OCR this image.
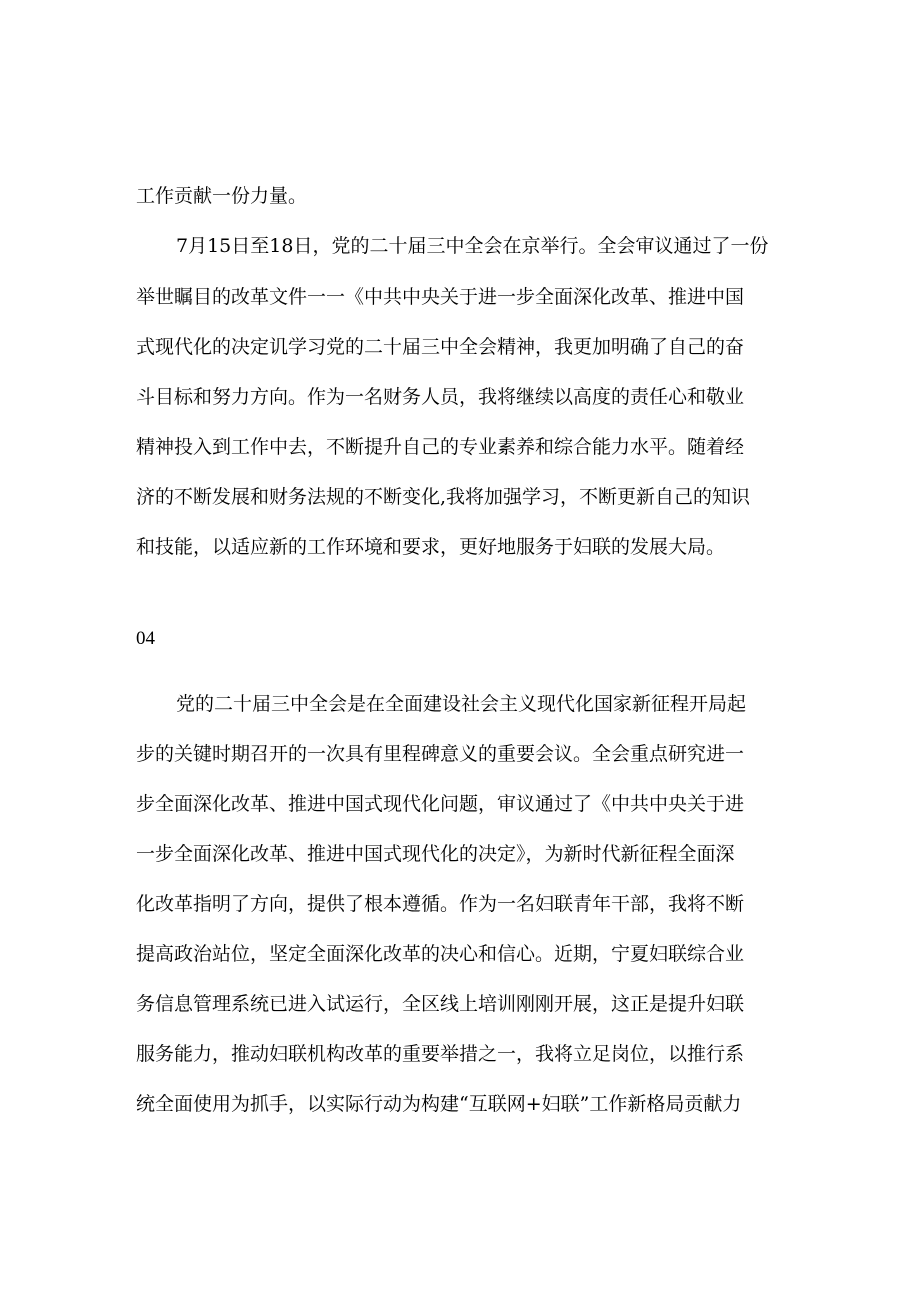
工作贡献一份力量。
7月15日至18日，党的二十届三中全会在京举行。全会审议通过了一份
举世瞩目的改革文件一一《中共中央关于进一步全面深化改革、推进中国
式现代化的决定讥学习党的二十届三中全会精神，我更加明确了自己的奋
斗目标和努力方向。作为一名财务人员，我将继续以高度的责任心和敬业
精神投入到工作中去，不断提升自己的专业素养和综合能力水平。随着经
济的不断发展和财务法规的不断变化,我将加强学习，不断更新自己的知识
和技能，以适应新的工作环境和要求，更好地服务于妇联的发展大局。
04
党的二十届三中全会是在全面建设社会主义现代化国家新征程开局起
步的关键时期召开的一次具有里程碑意义的重要会议。全会重点研究进一
步全面深化改革、推进中国式现代化问题，审议通过了《中共中央关于进
一步全面深化改革、推进中国式现代化的决定》，为新时代新征程全面深
化改革指明了方向，提供了根本遵循。作为一名妇联青年干部，我将不断
提高政治站位，坚定全面深化改革的决心和信心。近期，宁夏妇联综合业
务信息管理系统已进入试运行，全区线上培训刚刚开展，这正是提升妇联
服务能力，推动妇联机构改革的重要举措之一，我将立足岗位，以推行系
统全面使用为抓手，以实际行动为构建“互联网+妇联”工作新格局贡献力
